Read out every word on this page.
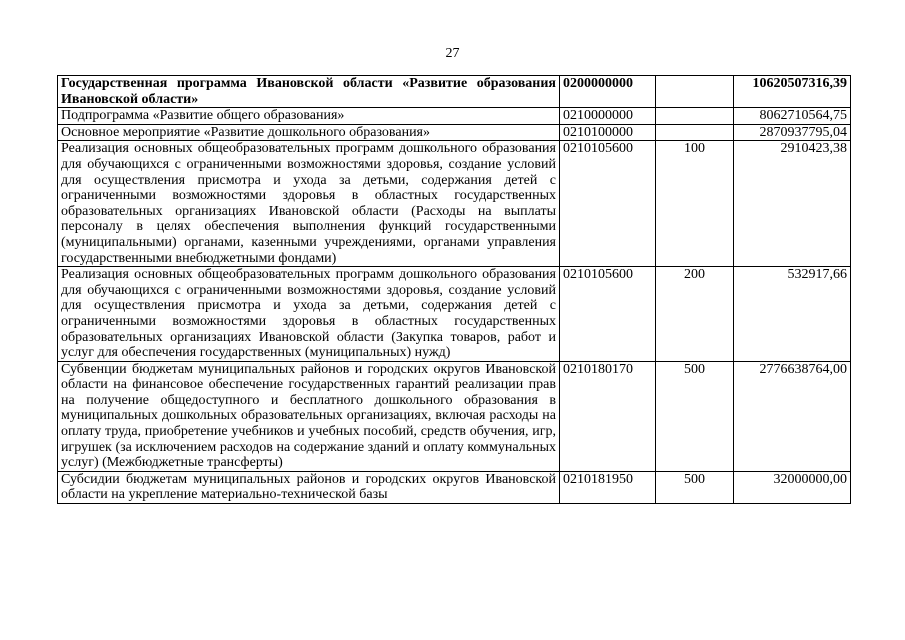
27
Государственная программа Ивановской области «Развитие образования Ивановской области»	0200000000		10620507316,39
Подпрограмма «Развитие общего образования»	0210000000		8062710564,75
Основное мероприятие «Развитие дошкольного образования»	0210100000		2870937795,04
Реализация основных общеобразовательных программ дошкольного образования для обучающихся с ограниченными возможностями здоровья, создание условий для осуществления присмотра и ухода за детьми, содержания детей с ограниченными возможностями здоровья в областных государственных образовательных организациях Ивановской области (Расходы на выплаты персоналу в целях обеспечения выполнения функций государственными (муниципальными) органами, казенными учреждениями, органами управления государственными внебюджетными фондами)	0210105600	100	2910423,38
Реализация основных общеобразовательных программ дошкольного образования для обучающихся с ограниченными возможностями здоровья, создание условий для осуществления присмотра и ухода за детьми, содержания детей с ограниченными возможностями здоровья в областных государственных образовательных организациях Ивановской области (Закупка товаров, работ и услуг для обеспечения государственных (муниципальных) нужд)	0210105600	200	532917,66
Субвенции бюджетам муниципальных районов и городских округов Ивановской области на финансовое обеспечение государственных гарантий реализации прав на получение общедоступного и бесплатного дошкольного образования в муниципальных дошкольных образовательных организациях, включая расходы на оплату труда, приобретение учебников и учебных пособий, средств обучения, игр, игрушек (за исключением расходов на содержание зданий и оплату коммунальных услуг) (Межбюджетные трансферты)	0210180170	500	2776638764,00
Субсидии бюджетам муниципальных районов и городских округов Ивановской области на укрепление материально-технической базы	0210181950	500	32000000,00
